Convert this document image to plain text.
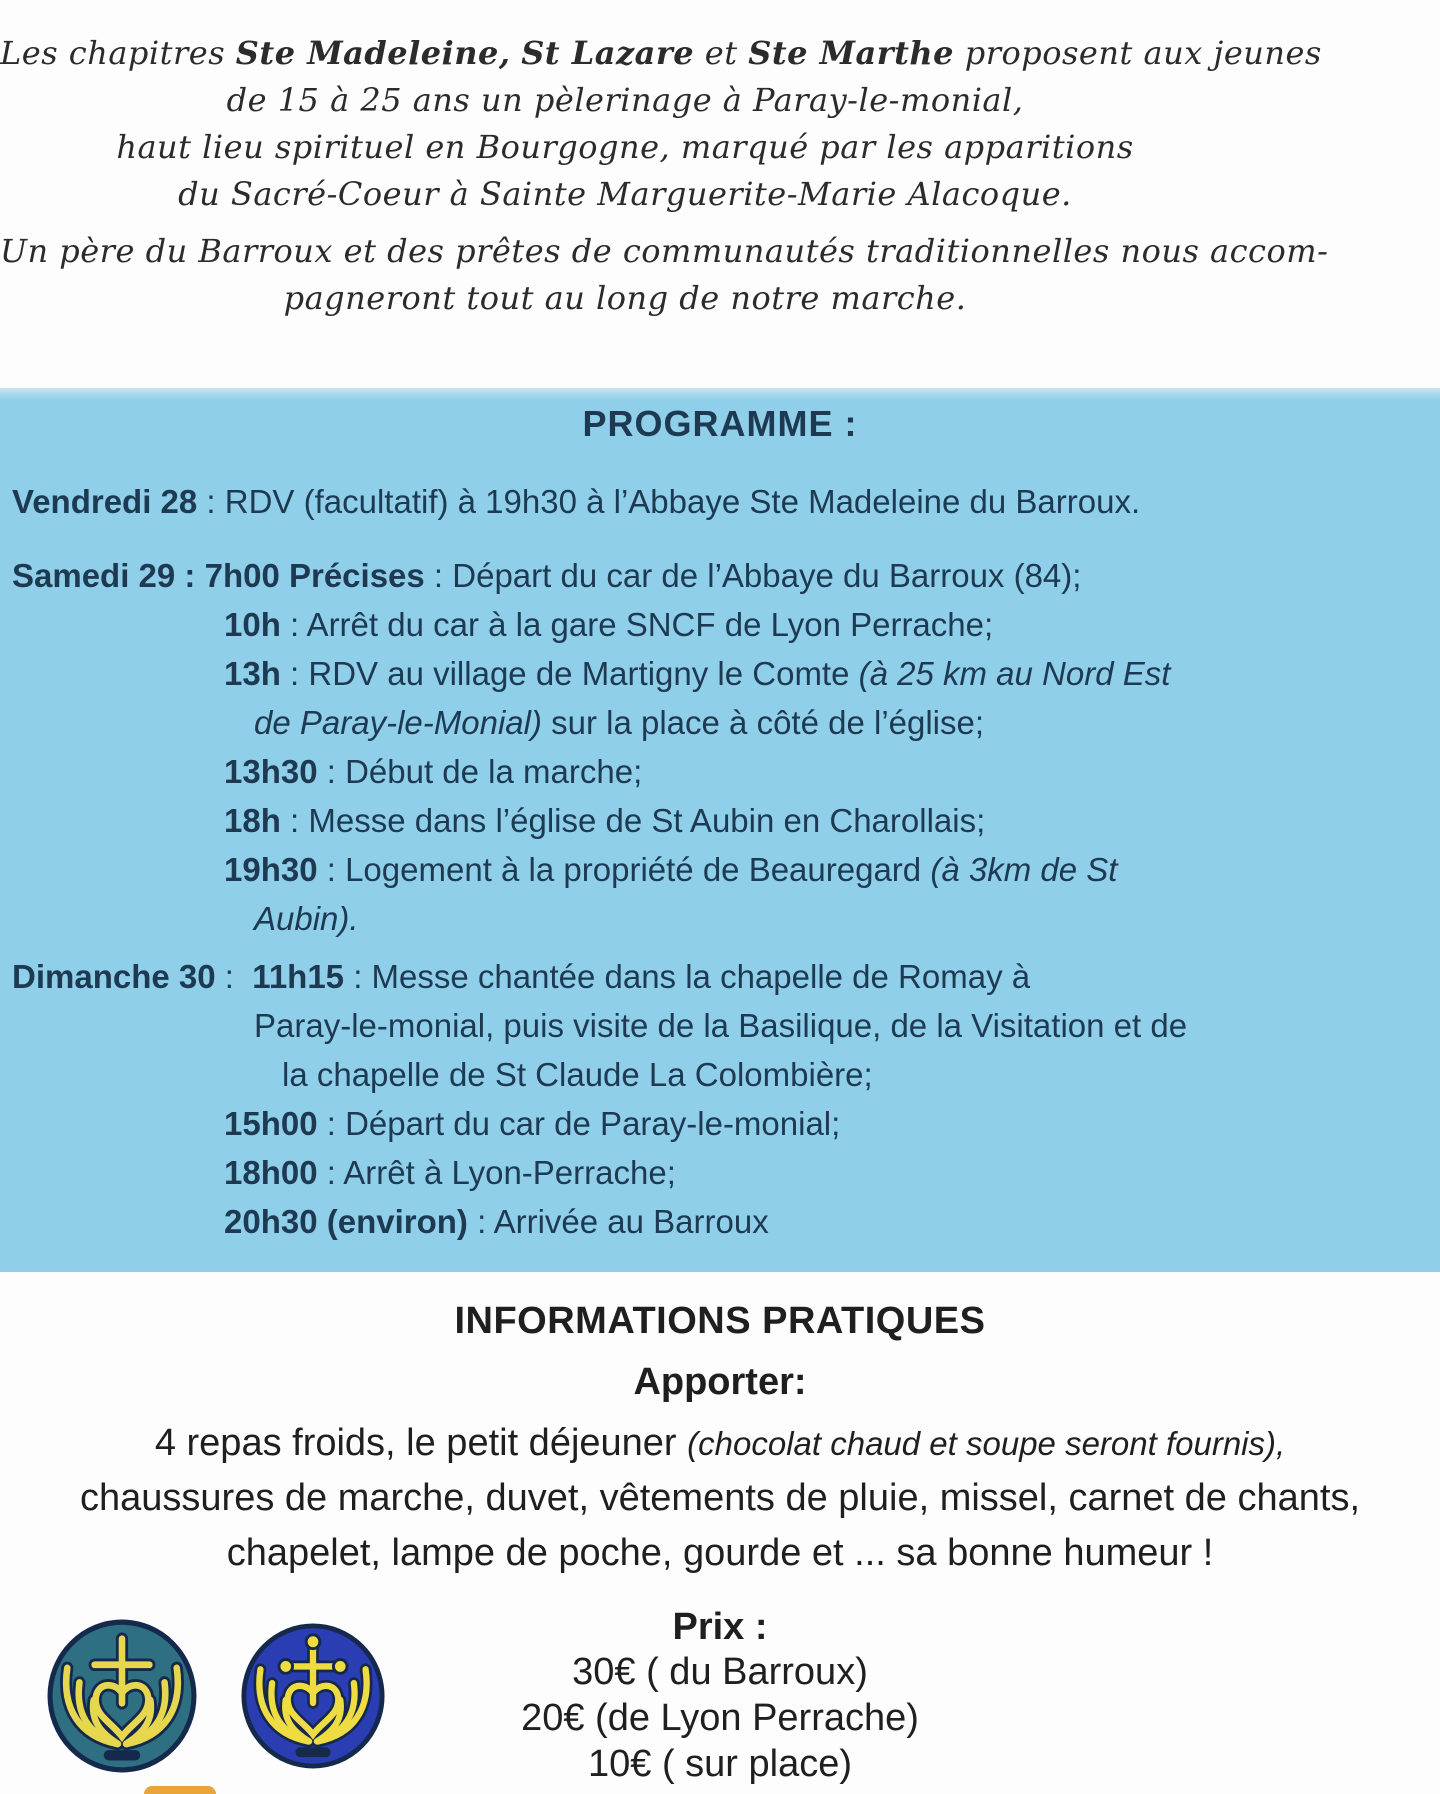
Les chapitres Ste Madeleine, St Lazare et Ste Marthe proposent aux jeunes
de 15 à 25 ans un pèlerinage à Paray-le-monial,
haut lieu spirituel en Bourgogne, marqué par les apparitions
du Sacré-Coeur à Sainte Marguerite-Marie Alacoque.
Un père du Barroux et des prêtes de communautés traditionnelles nous accom-
pagneront tout au long de notre marche.
PROGRAMME :
Vendredi 28 : RDV (facultatif) à 19h30 à l’Abbaye Ste Madeleine du Barroux.
Samedi 29 : 7h00 Précises : Départ du car de l’Abbaye du Barroux (84);
10h : Arrêt du car à la gare SNCF de Lyon Perrache;
13h : RDV au village de Martigny le Comte (à 25 km au Nord Est
de Paray-le-Monial) sur la place à côté de l’église;
13h30 : Début de la marche;
18h : Messe dans l’église de St Aubin en Charollais;
19h30 : Logement à la propriété de Beauregard (à 3km de St
Aubin).
Dimanche 30 :  11h15 : Messe chantée dans la chapelle de Romay à
Paray-le-monial, puis visite de la Basilique, de la Visitation et de
la chapelle de St Claude La Colombière;
15h00 : Départ du car de Paray-le-monial;
18h00 : Arrêt à Lyon-Perrache;
20h30 (environ) : Arrivée au Barroux
INFORMATIONS PRATIQUES
Apporter:
4 repas froids, le petit déjeuner (chocolat chaud et soupe seront fournis),
chaussures de marche, duvet, vêtements de pluie, missel, carnet de chants,
chapelet, lampe de poche, gourde et ... sa bonne humeur !
Prix :
30€ ( du Barroux)
20€ (de Lyon Perrache)
10€ ( sur place)
